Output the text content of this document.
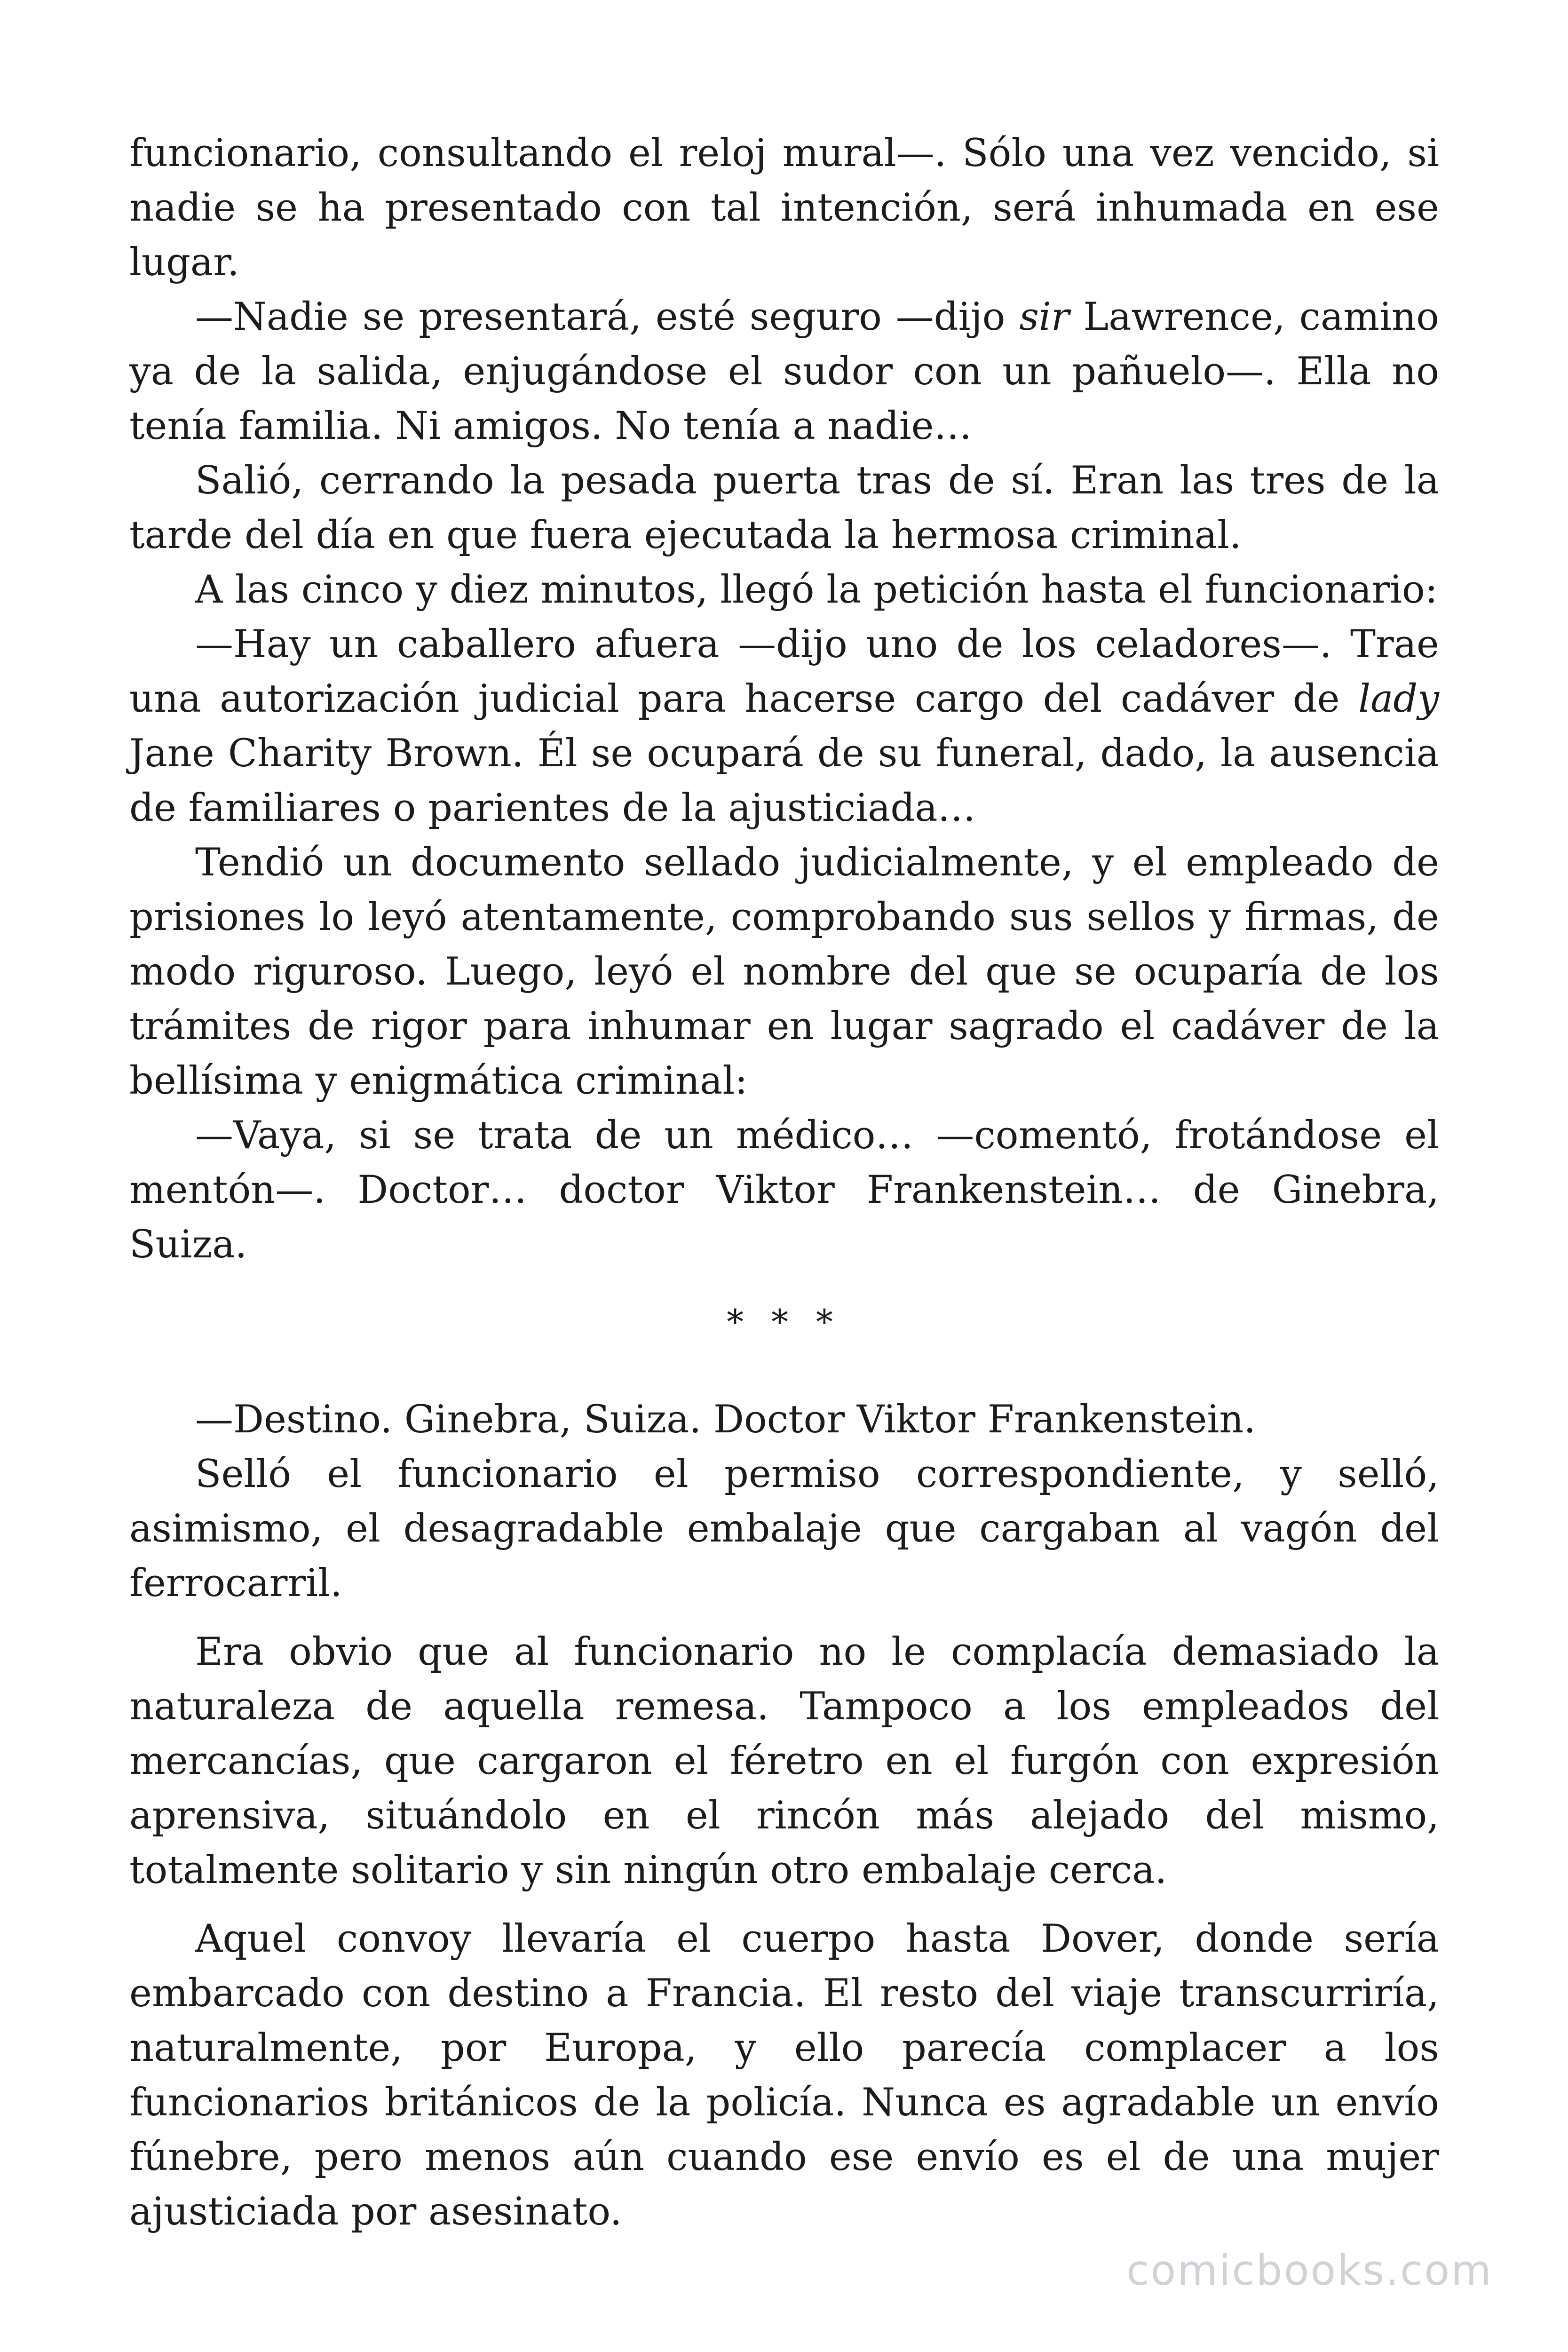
funcionario, consultando el reloj mural—. Sólo una vez vencido, si nadie se ha presentado con tal intención, será inhumada en ese lugar.

—Nadie se presentará, esté seguro —dijo sir Lawrence, camino ya de la salida, enjugándose el sudor con un pañuelo—. Ella no tenía familia. Ni amigos. No tenía a nadie…

Salió, cerrando la pesada puerta tras de sí. Eran las tres de la tarde del día en que fuera ejecutada la hermosa criminal.

A las cinco y diez minutos, llegó la petición hasta el funcionario:

—Hay un caballero afuera —dijo uno de los celadores—. Trae una autorización judicial para hacerse cargo del cadáver de lady Jane Charity Brown. Él se ocupará de su funeral, dado, la ausencia de familiares o parientes de la ajusticiada…

Tendió un documento sellado judicialmente, y el empleado de prisiones lo leyó atentamente, comprobando sus sellos y firmas, de modo riguroso. Luego, leyó el nombre del que se ocuparía de los trámites de rigor para inhumar en lugar sagrado el cadáver de la bellísima y enigmática criminal:

—Vaya, si se trata de un médico… —comentó, frotándose el mentón—. Doctor… doctor Viktor Frankenstein… de Ginebra, Suiza.

* * *

—Destino. Ginebra, Suiza. Doctor Viktor Frankenstein.

Selló el funcionario el permiso correspondiente, y selló, asimismo, el desagradable embalaje que cargaban al vagón del ferrocarril.

Era obvio que al funcionario no le complacía demasiado la naturaleza de aquella remesa. Tampoco a los empleados del mercancías, que cargaron el féretro en el furgón con expresión aprensiva, situándolo en el rincón más alejado del mismo, totalmente solitario y sin ningún otro embalaje cerca.

Aquel convoy llevaría el cuerpo hasta Dover, donde sería embarcado con destino a Francia. El resto del viaje transcurriría, naturalmente, por Europa, y ello parecía complacer a los funcionarios británicos de la policía. Nunca es agradable un envío fúnebre, pero menos aún cuando ese envío es el de una mujer ajusticiada por asesinato.

comicbooks.com
